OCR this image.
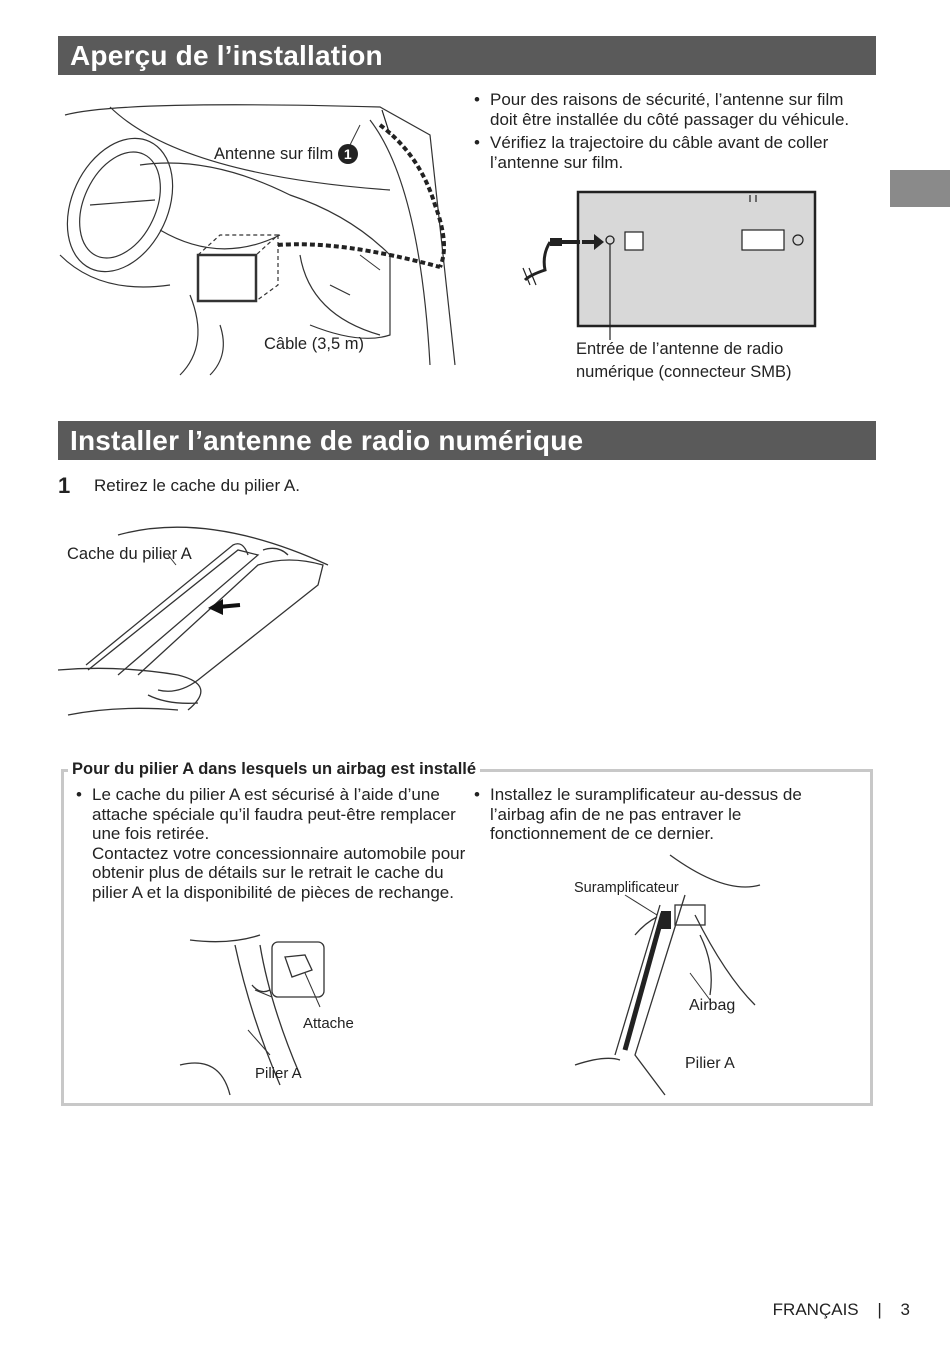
Aperçu de l’installation
Antenne sur film 1
Câble (3,5 m)
• Pour des raisons de sécurité, l’antenne sur film doit être installée du côté passager du véhicule.
• Vérifiez la trajectoire du câble avant de coller l’antenne sur film.
Entrée de l’antenne de radio
numérique (connecteur SMB)
Installer l’antenne de radio numérique
1 Retirez le cache du pilier A.
Cache du pilier A
Pour du pilier A dans lesquels un airbag est installé
• Le cache du pilier A est sécurisé à l’aide d’une attache spéciale qu’il faudra peut-être remplacer une fois retirée.
Contactez votre concessionnaire automobile pour obtenir plus de détails sur le retrait le cache du pilier A et la disponibilité de pièces de rechange.
• Installez le suramplificateur au-dessus de l’airbag afin de ne pas entraver le fonctionnement de ce dernier.
Attache
Pilier A
Suramplificateur
Airbag
Pilier A
FRANÇAIS | 3
